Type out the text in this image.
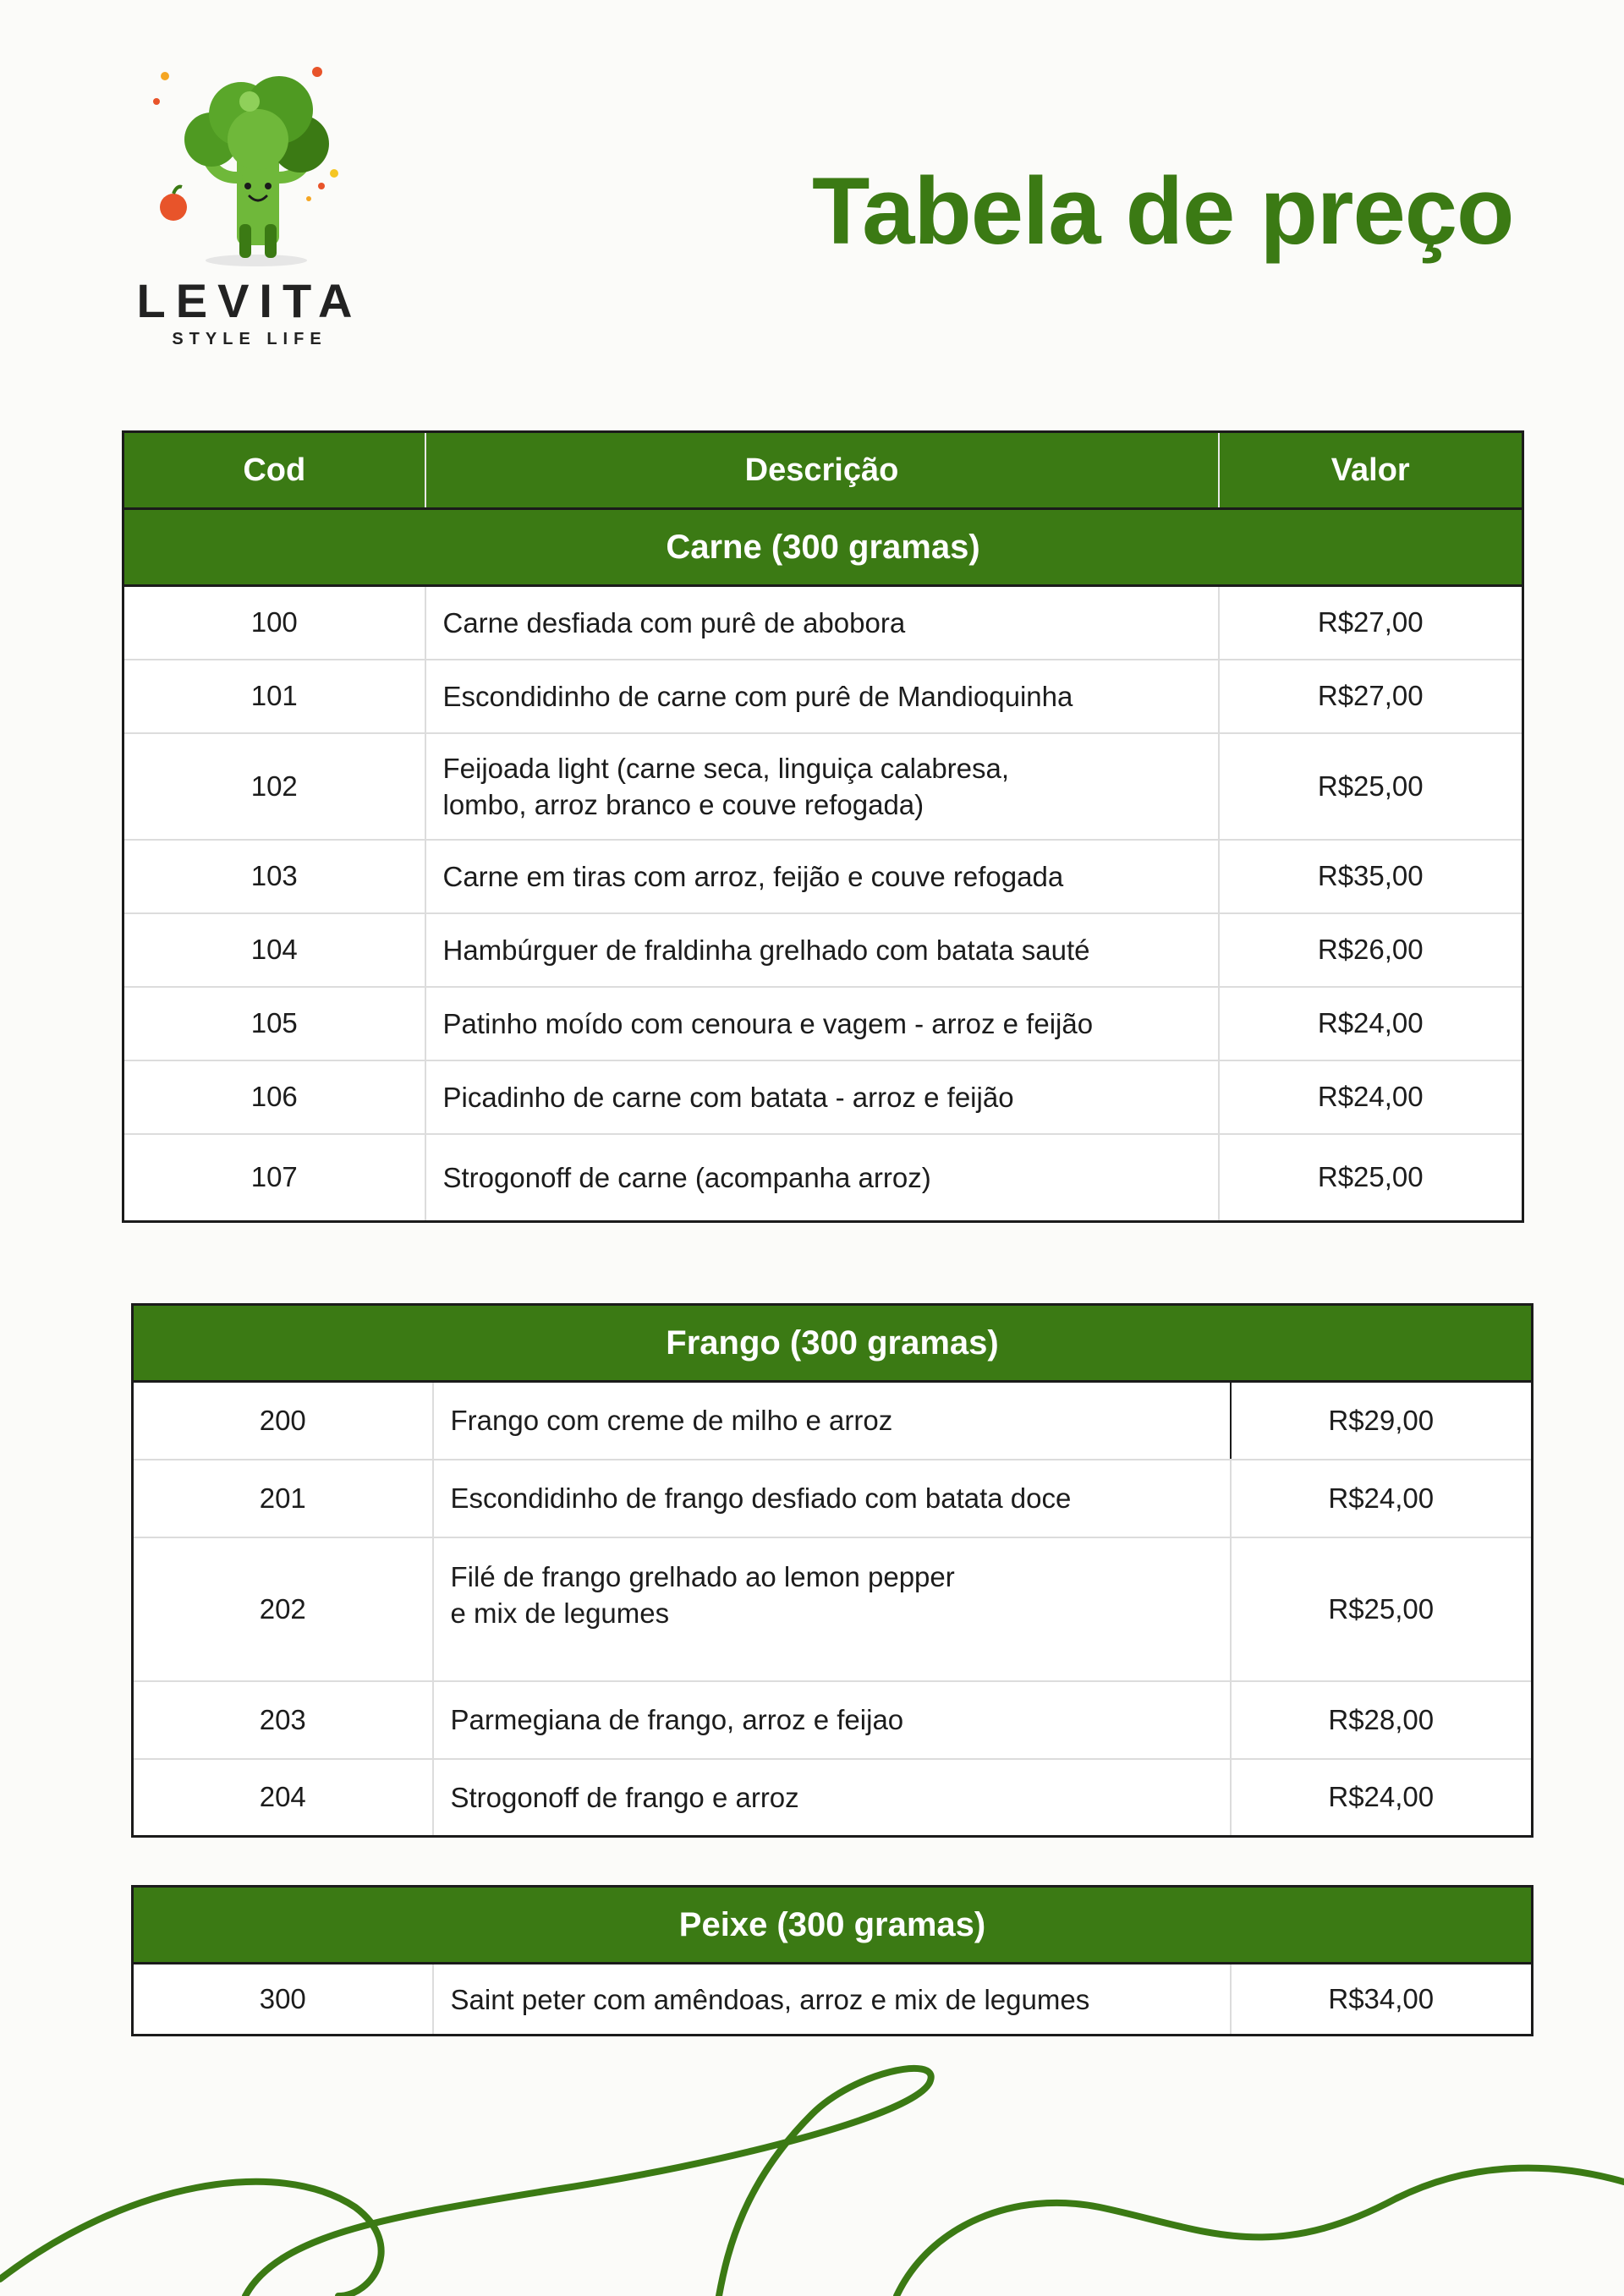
LEVITA
STYLE LIFE
Tabela de preço
Cod	Descrição	Valor
Carne (300 gramas)		
100	Carne desfiada com purê de abobora	R$27,00
101	Escondidinho de carne com purê de Mandioquinha	R$27,00
102	Feijoada light (carne seca, linguiça calabresa,
lombo, arroz branco e couve refogada)	R$25,00
103	Carne em tiras com arroz, feijão e couve refogada	R$35,00
104	Hambúrguer de fraldinha grelhado com batata sauté	R$26,00
105	Patinho moído com cenoura e vagem - arroz e feijão	R$24,00
106	Picadinho de carne com batata - arroz e feijão	R$24,00
107	Strogonoff de carne (acompanha arroz)	R$25,00
Frango (300 gramas)		
200	Frango com creme de milho e arroz	R$29,00
201	Escondidinho de frango desfiado com batata doce	R$24,00
202	Filé de frango grelhado ao lemon pepper
e mix de legumes	R$25,00
203	Parmegiana de frango, arroz e feijao	R$28,00
204	Strogonoff de frango e arroz	R$24,00
Peixe (300 gramas)
300	Saint peter com amêndoas, arroz e mix de legumes	R$34,00
